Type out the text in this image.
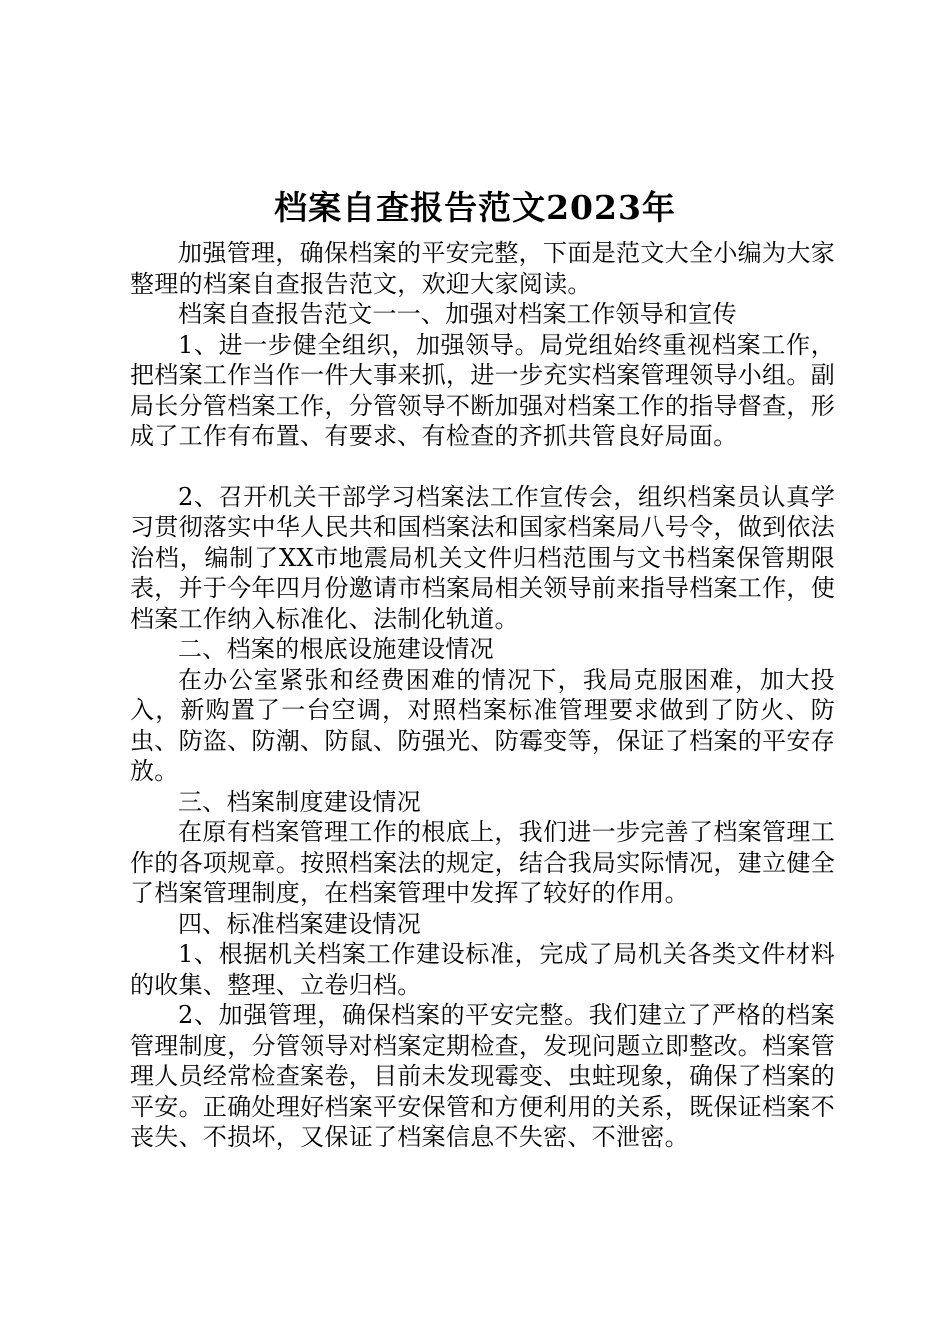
档案自查报告范文2023年

加强管理，确保档案的平安完整，下面是范文大全小编为大家整理的档案自查报告范文，欢迎大家阅读。

档案自查报告范文一一、加强对档案工作领导和宣传

1、进一步健全组织，加强领导。局党组始终重视档案工作，把档案工作当作一件大事来抓，进一步充实档案管理领导小组。副局长分管档案工作，分管领导不断加强对档案工作的指导督查，形成了工作有布置、有要求、有检查的齐抓共管良好局面。

2、召开机关干部学习档案法工作宣传会，组织档案员认真学习贯彻落实中华人民共和国档案法和国家档案局八号令，做到依法治档，编制了XX市地震局机关文件归档范围与文书档案保管期限表，并于今年四月份邀请市档案局相关领导前来指导档案工作，使档案工作纳入标准化、法制化轨道。

二、档案的根底设施建设情况

在办公室紧张和经费困难的情况下，我局克服困难，加大投入，新购置了一台空调，对照档案标准管理要求做到了防火、防虫、防盗、防潮、防鼠、防强光、防霉变等，保证了档案的平安存放。

三、档案制度建设情况

在原有档案管理工作的根底上，我们进一步完善了档案管理工作的各项规章。按照档案法的规定，结合我局实际情况，建立健全了档案管理制度，在档案管理中发挥了较好的作用。

四、标准档案建设情况

1、根据机关档案工作建设标准，完成了局机关各类文件材料的收集、整理、立卷归档。

2、加强管理，确保档案的平安完整。我们建立了严格的档案管理制度，分管领导对档案定期检查，发现问题立即整改。档案管理人员经常检查案卷，目前未发现霉变、虫蛀现象，确保了档案的平安。正确处理好档案平安保管和方便利用的关系，既保证档案不丧失、不损坏，又保证了档案信息不失密、不泄密。
